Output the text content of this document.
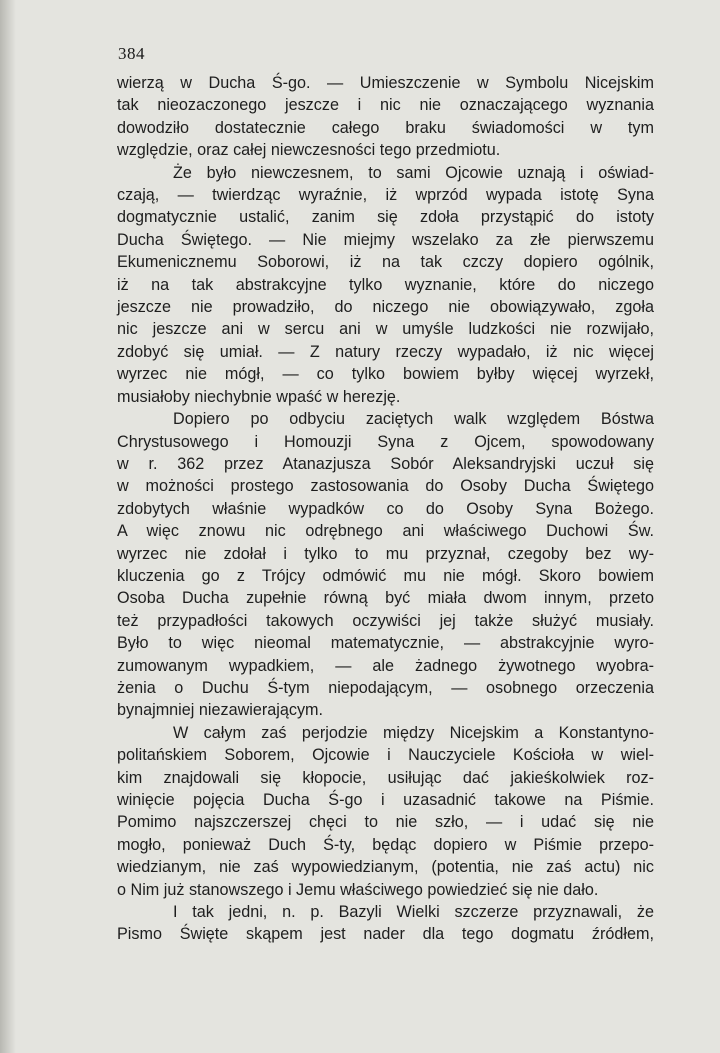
384
wierzą w Ducha Ś-go. — Umieszczenie w Symbolu Nicejskim
tak nieozaczonego jeszcze i nic nie oznaczającego wyznania
dowodziło dostatecznie całego braku świadomości w tym
względzie, oraz całej niewczesności tego przedmiotu.
Że było niewczesnem, to sami Ojcowie uznają i oświad-
czają, — twierdząc wyraźnie, iż wprzód wypada istotę Syna
dogmatycznie ustalić, zanim się zdoła przystąpić do istoty
Ducha Świętego. — Nie miejmy wszelako za złe pierwszemu
Ekumenicznemu Soborowi, iż na tak czczy dopiero ogólnik,
iż na tak abstrakcyjne tylko wyznanie, które do niczego
jeszcze nie prowadziło, do niczego nie obowiązywało, zgoła
nic jeszcze ani w sercu ani w umyśle ludzkości nie rozwijało,
zdobyć się umiał. — Z natury rzeczy wypadało, iż nic więcej
wyrzec nie mógł, — co tylko bowiem byłby więcej wyrzekł,
musiałoby niechybnie wpaść w herezję.
Dopiero po odbyciu zaciętych walk względem Bóstwa
Chrystusowego i Homouzji Syna z Ojcem, spowodowany
w r. 362 przez Atanazjusza Sobór Aleksandryjski uczuł się
w możności prostego zastosowania do Osoby Ducha Świętego
zdobytych właśnie wypadków co do Osoby Syna Bożego.
A więc znowu nic odrębnego ani właściwego Duchowi Św.
wyrzec nie zdołał i tylko to mu przyznał, czegoby bez wy-
kluczenia go z Trójcy odmówić mu nie mógł. Skoro bowiem
Osoba Ducha zupełnie równą być miała dwom innym, przeto
też przypadłości takowych oczywiści jej także służyć musiały.
Było to więc nieomal matematycznie, — abstrakcyjnie wyro-
zumowanym wypadkiem, — ale żadnego żywotnego wyobra-
żenia o Duchu Ś-tym niepodającym, — osobnego orzeczenia
bynajmniej niezawierającym.
W całym zaś perjodzie między Nicejskim a Konstantyno-
politańskiem Soborem, Ojcowie i Nauczyciele Kościoła w wiel-
kim znajdowali się kłopocie, usiłując dać jakieśkolwiek roz-
winięcie pojęcia Ducha Ś-go i uzasadnić takowe na Piśmie.
Pomimo najszczerszej chęci to nie szło, — i udać się nie
mogło, ponieważ Duch Ś-ty, będąc dopiero w Piśmie przepo-
wiedzianym, nie zaś wypowiedzianym, (potentia, nie zaś actu) nic
o Nim już stanowszego i Jemu właściwego powiedzieć się nie dało.
I tak jedni, n. p. Bazyli Wielki szczerze przyznawali, że
Pismo Święte skąpem jest nader dla tego dogmatu źródłem,
